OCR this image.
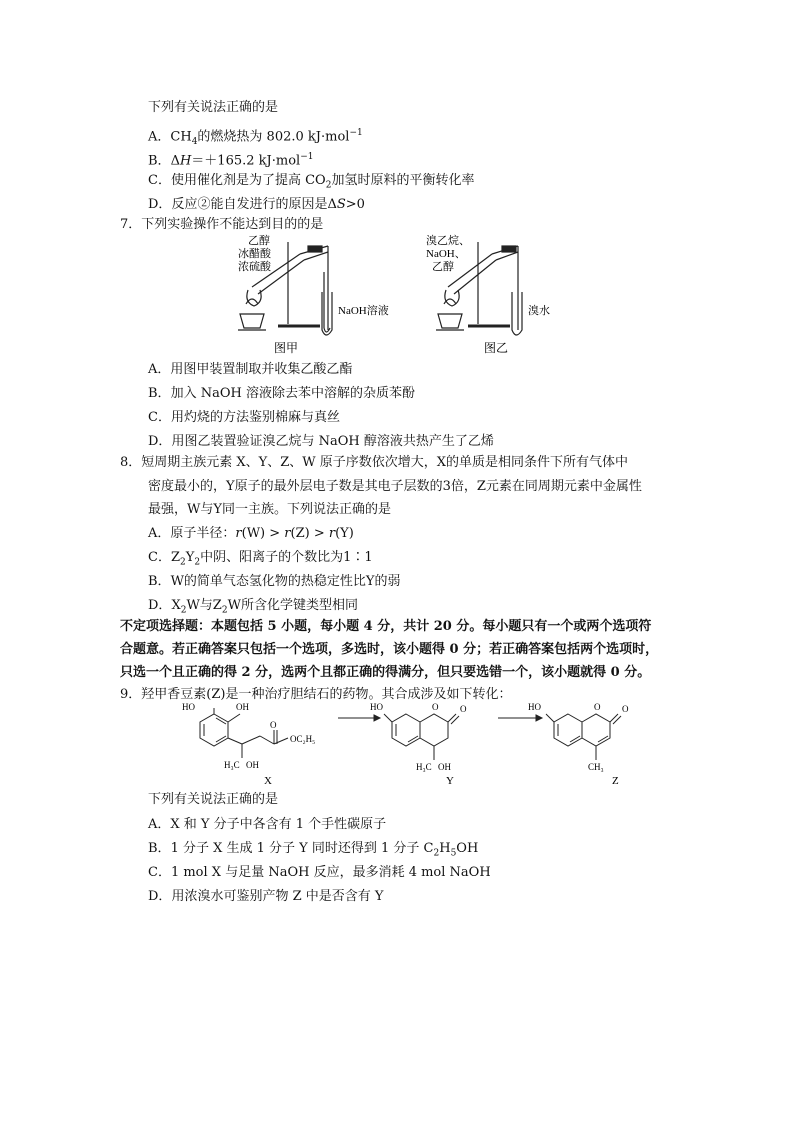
下列有关说法正确的是
A．$CH_4$的燃烧热为 802.0 kJ·mol$^{-1}$
B．ΔH＝＋165.2 kJ·mol$^{-1}$
C．使用催化剂是为了提高 $CO_2$加氢时原料的平衡转化率
D．反应②能自发进行的原因是ΔS>0
7．下列实验操作不能达到目的的是
乙醇
冰醋酸
浓硫酸
NaOH溶液
图甲
溴乙烷、
NaOH、
乙醇
溴水
图乙
A．用图甲装置制取并收集乙酸乙酯
B．加入 NaOH 溶液除去苯中溶解的杂质苯酚
C．用灼烧的方法鉴别棉麻与真丝
D．用图乙装置验证溴乙烷与 NaOH 醇溶液共热产生了乙烯
8．短周期主族元素 X、Y、Z、W 原子序数依次增大，X的单质是相同条件下所有气体中
密度最小的，Y原子的最外层电子数是其电子层数的3倍，Z元素在同周期元素中金属性
最强，W与Y同一主族。下列说法正确的是
A．原子半径：r(W) > r(Z) > r(Y)
C．$Z_2Y_2$中阴、阳离子的个数比为1∶1
B．W的简单气态氢化物的热稳定性比Y的弱
D．$X_2W$与$Z_2W$所含化学键类型相同
不定项选择题：本题包括 5 小题，每小题 4 分，共计 20 分。每小题只有一个或两个选项符
合题意。若正确答案只包括一个选项，多选时，该小题得 0 分；若正确答案包括两个选项时，
只选一个且正确的得 2 分，选两个且都正确的得满分，但只要选错一个，该小题就得 0 分。
9．羟甲香豆素(Z)是一种治疗胆结石的药物。其合成涉及如下转化：
HO	OH
OC₂H₅
O
H₃C OH
HO	O O
H₃C OH
HO	O O
CH₃
X	Y	Z
下列有关说法正确的是
A．X 和 Y 分子中各含有 1 个手性碳原子
B．1 分子 X 生成 1 分子 Y 同时还得到 1 分子 $C_2H_5OH$
C．1 mol X 与足量 NaOH 反应，最多消耗 4 mol NaOH
D．用浓溴水可鉴别产物 Z 中是否含有 Y
